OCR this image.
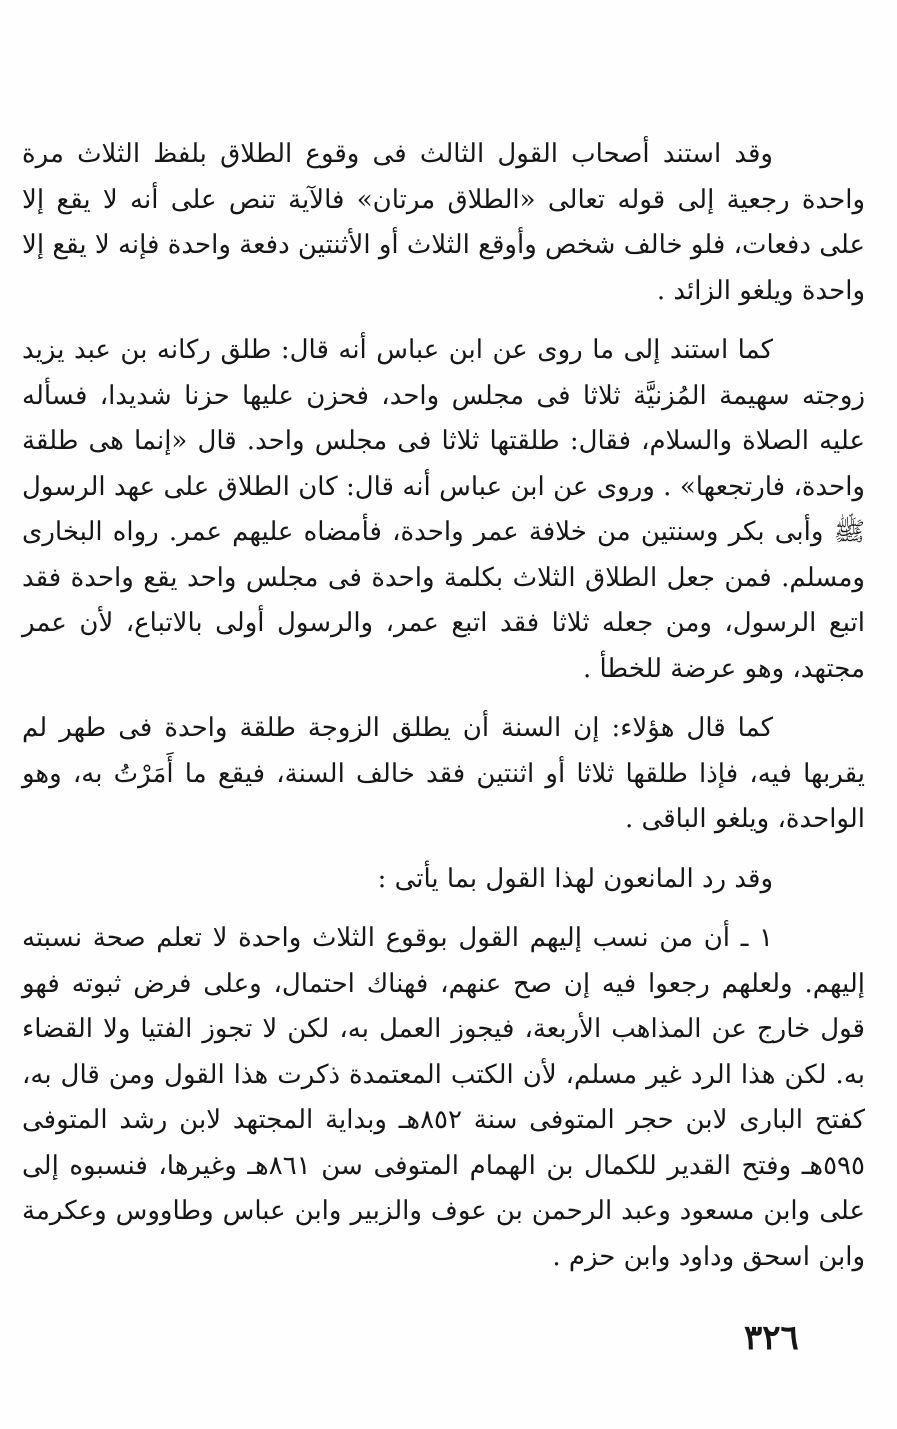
وقد استند أصحاب القول الثالث فى وقوع الطلاق بلفظ الثلاث مرة واحدة رجعية إلى قوله تعالى «الطلاق مرتان» فالآية تنص على أنه لا يقع إلا على دفعات، فلو خالف شخص وأوقع الثلاث أو الأثنتين دفعة واحدة فإنه لا يقع إلا واحدة ويلغو الزائد .

كما استند إلى ما روى عن ابن عباس أنه قال: طلق ركانه بن عبد يزيد زوجته سهيمة المُزنيَّة ثلاثا فى مجلس واحد، فحزن عليها حزنا شديدا، فسأله عليه الصلاة والسلام، فقال: طلقتها ثلاثا فى مجلس واحد. قال «إنما هى طلقة واحدة، فارتجعها» . وروى عن ابن عباس أنه قال: كان الطلاق على عهد الرسول ﷺ وأبى بكر وسنتين من خلافة عمر واحدة، فأمضاه عليهم عمر. رواه البخارى ومسلم. فمن جعل الطلاق الثلاث بكلمة واحدة فى مجلس واحد يقع واحدة فقد اتبع الرسول، ومن جعله ثلاثا فقد اتبع عمر، والرسول أولى بالاتباع، لأن عمر مجتهد، وهو عرضة للخطأ .

كما قال هؤلاء: إن السنة أن يطلق الزوجة طلقة واحدة فى طهر لم يقربها فيه، فإذا طلقها ثلاثا أو اثنتين فقد خالف السنة، فيقع ما أَمَرْتُ به، وهو الواحدة، ويلغو الباقى .

وقد رد المانعون لهذا القول بما يأتى :

١ ـ أن من نسب إليهم القول بوقوع الثلاث واحدة لا تعلم صحة نسبته إليهم. ولعلهم رجعوا فيه إن صح عنهم، فهناك احتمال، وعلى فرض ثبوته فهو قول خارج عن المذاهب الأربعة، فيجوز العمل به، لكن لا تجوز الفتيا ولا القضاء به. لكن هذا الرد غير مسلم، لأن الكتب المعتمدة ذكرت هذا القول ومن قال به، كفتح البارى لابن حجر المتوفى سنة ٨٥٢هـ وبداية المجتهد لابن رشد المتوفى ٥٩٥هـ وفتح القدير للكمال بن الهمام المتوفى سن ٨٦١هـ وغيرها، فنسبوه إلى على وابن مسعود وعبد الرحمن بن عوف والزبير وابن عباس وطاووس وعكرمة وابن اسحق وداود وابن حزم .

٣٢٦
